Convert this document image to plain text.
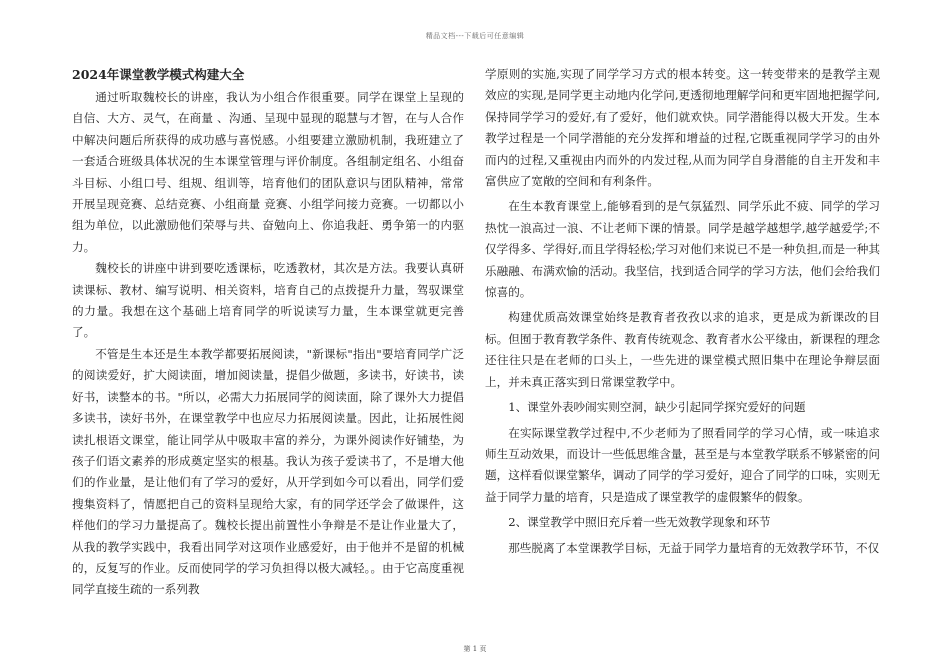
精品文档---下载后可任意编辑
2024年课堂教学模式构建大全

通过听取魏校长的讲座，我认为小组合作很重要。同学在课堂上呈现的自信、大方、灵气，在商量 、沟通、呈现中显现的聪慧与才智，在与人合作中解决问题后所获得的成功感与喜悦感。小组要建立激励机制，我班建立了一套适合班级具体状况的生本课堂管理与评价制度。各组制定组名、小组奋斗目标、小组口号、组规、组训等，培育他们的团队意识与团队精神，常常开展呈现竞赛、总结竞赛、小组商量 竞赛、小组学问接力竞赛。一切都以小组为单位，以此激励他们荣辱与共、奋勉向上、你追我赶、勇争第一的内驱力。

魏校长的讲座中讲到要吃透课标，吃透教材，其次是方法。我要认真研读课标、教材、编写说明、相关资料，培育自己的点拨提升力量，驾驭课堂的力量。我想在这个基础上培育同学的听说读写力量，生本课堂就更完善了。

不管是生本还是生本教学都要拓展阅读，"新课标"指出"要培育同学广泛的阅读爱好，扩大阅读面，增加阅读量，提倡少做题，多读书，好读书，读好书，读整本的书。"所以，必需大力拓展同学的阅读面，除了课外大力提倡多读书，读好书外，在课堂教学中也应尽力拓展阅读量。因此，让拓展性阅读扎根语文课堂，能让同学从中吸取丰富的养分，为课外阅读作好铺垫，为孩子们语文素养的形成奠定坚实的根基。我认为孩子爱读书了，不是增大他们的作业量，是让他们有了学习的爱好，从开学到如今可以看出，同学们爱搜集资料了，情愿把自己的资料呈现给大家，有的同学还学会了做课件，这样他们的学习力量提高了。魏校长提出前置性小争辩是不是让作业量大了，从我的教学实践中，我看出同学对这项作业感爱好，由于他并不是留的机械的，反复写的作业。反而使同学的学习负担得以极大减轻。。由于它高度重视同学直接生疏的一系列教

学原则的实施,实现了同学学习方式的根本转变。这一转变带来的是教学主观效应的实现,是同学更主动地内化学问,更透彻地理解学问和更牢固地把握学问,保持同学学习的爱好,有了爱好，他们就欢快。同学潜能得以极大开发。生本教学过程是一个同学潜能的充分发挥和增益的过程,它既重视同学学习的由外而内的过程,又重视由内而外的内发过程,从而为同学自身潜能的自主开发和丰富供应了宽敞的空间和有利条件。

在生本教育课堂上,能够看到的是气氛猛烈、同学乐此不疲、同学的学习热忱一浪高过一浪、不让老师下课的情景。同学是越学越想学,越学越爱学;不仅学得多、学得好,而且学得轻松;学习对他们来说已不是一种负担,而是一种其乐融融、布满欢愉的活动。我坚信，找到适合同学的学习方法，他们会给我们惊喜的。

构建优质高效课堂始终是教育者孜孜以求的追求，更是成为新课改的目标。但囿于教育教学条件、教育传统观念、教育者水公平缘由，新课程的理念还往往只是在老师的口头上，一些先进的课堂模式照旧集中在理论争辩层面上，并未真正落实到日常课堂教学中。

1、课堂外表吵闹实则空洞，缺少引起同学探究爱好的问题

在实际课堂教学过程中,不少老师为了照看同学的学习心情，或一味追求师生互动效果，而设计一些低思维含量，甚至是与本堂教学联系不够紧密的问题，这样看似课堂繁华，调动了同学的学习爱好，迎合了同学的口味，实则无益于同学力量的培育，只是造成了课堂教学的虚假繁华的假象。

2、课堂教学中照旧充斥着一些无效教学现象和环节

那些脱离了本堂课教学目标，无益于同学力量培育的无效教学环节，不仅

第 1 页
